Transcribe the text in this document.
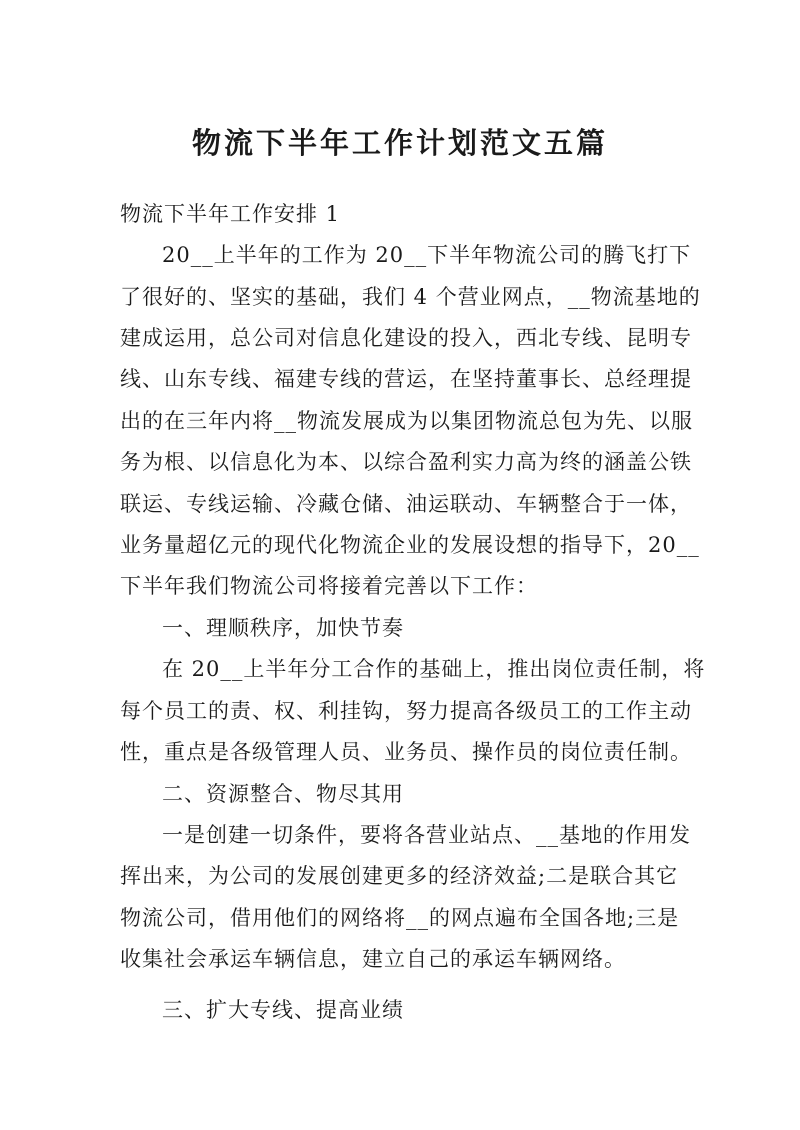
物流下半年工作计划范文五篇
物流下半年工作安排 1
20__上半年的工作为 20__下半年物流公司的腾飞打下
了很好的、坚实的基础，我们 4 个营业网点，__物流基地的
建成运用，总公司对信息化建设的投入，西北专线、昆明专
线、山东专线、福建专线的营运，在坚持董事长、总经理提
出的在三年内将__物流发展成为以集团物流总包为先、以服
务为根、以信息化为本、以综合盈利实力高为终的涵盖公铁
联运、专线运输、冷藏仓储、油运联动、车辆整合于一体，
业务量超亿元的现代化物流企业的发展设想的指导下，20__
下半年我们物流公司将接着完善以下工作：
一、理顺秩序，加快节奏
在 20__上半年分工合作的基础上，推出岗位责任制，将
每个员工的责、权、利挂钩，努力提高各级员工的工作主动
性，重点是各级管理人员、业务员、操作员的岗位责任制。
二、资源整合、物尽其用
一是创建一切条件，要将各营业站点、__基地的作用发
挥出来，为公司的发展创建更多的经济效益;二是联合其它
物流公司，借用他们的网络将__的网点遍布全国各地;三是
收集社会承运车辆信息，建立自己的承运车辆网络。
三、扩大专线、提高业绩
